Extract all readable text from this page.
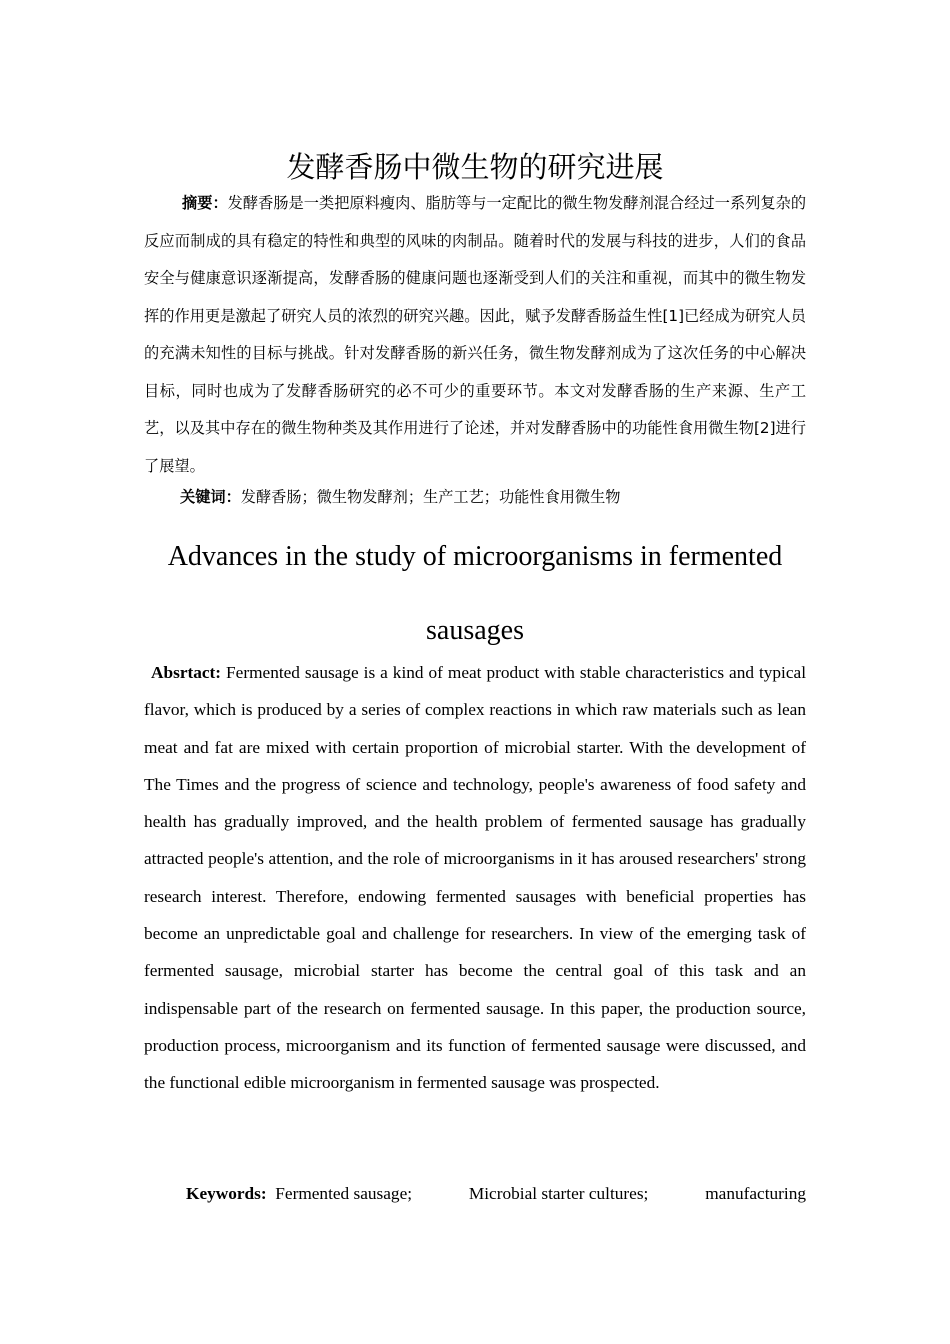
发酵香肠中微生物的研究进展

摘要：发酵香肠是一类把原料瘦肉、脂肪等与一定配比的微生物发酵剂混合经过一系列复杂的反应而制成的具有稳定的特性和典型的风味的肉制品。随着时代的发展与科技的进步，人们的食品安全与健康意识逐渐提高，发酵香肠的健康问题也逐渐受到人们的关注和重视，而其中的微生物发挥的作用更是激起了研究人员的浓烈的研究兴趣。因此，赋予发酵香肠益生性[1]已经成为研究人员的充满未知性的目标与挑战。针对发酵香肠的新兴任务，微生物发酵剂成为了这次任务的中心解决目标，同时也成为了发酵香肠研究的必不可少的重要环节。本文对发酵香肠的生产来源、生产工艺，以及其中存在的微生物种类及其作用进行了论述，并对发酵香肠中的功能性食用微生物[2]进行了展望。

关键词：发酵香肠；微生物发酵剂；生产工艺；功能性食用微生物

Advances in the study of microorganisms in fermented
sausages

Absrtact: Fermented sausage is a kind of meat product with stable characteristics and typical flavor, which is produced by a series of complex reactions in which raw materials such as lean meat and fat are mixed with certain proportion of microbial starter. With the development of The Times and the progress of science and technology, people's awareness of food safety and health has gradually improved, and the health problem of fermented sausage has gradually attracted people's attention, and the role of microorganisms in it has aroused researchers' strong research interest. Therefore, endowing fermented sausages with beneficial properties has become an unpredictable goal and challenge for researchers. In view of the emerging task of fermented sausage, microbial starter has become the central goal of this task and an indispensable part of the research on fermented sausage. In this paper, the production source, production process, microorganism and its function of fermented sausage were discussed, and the functional edible microorganism in fermented sausage was prospected.

Keywords: Fermented sausage;	Microbial starter cultures;	manufacturing
